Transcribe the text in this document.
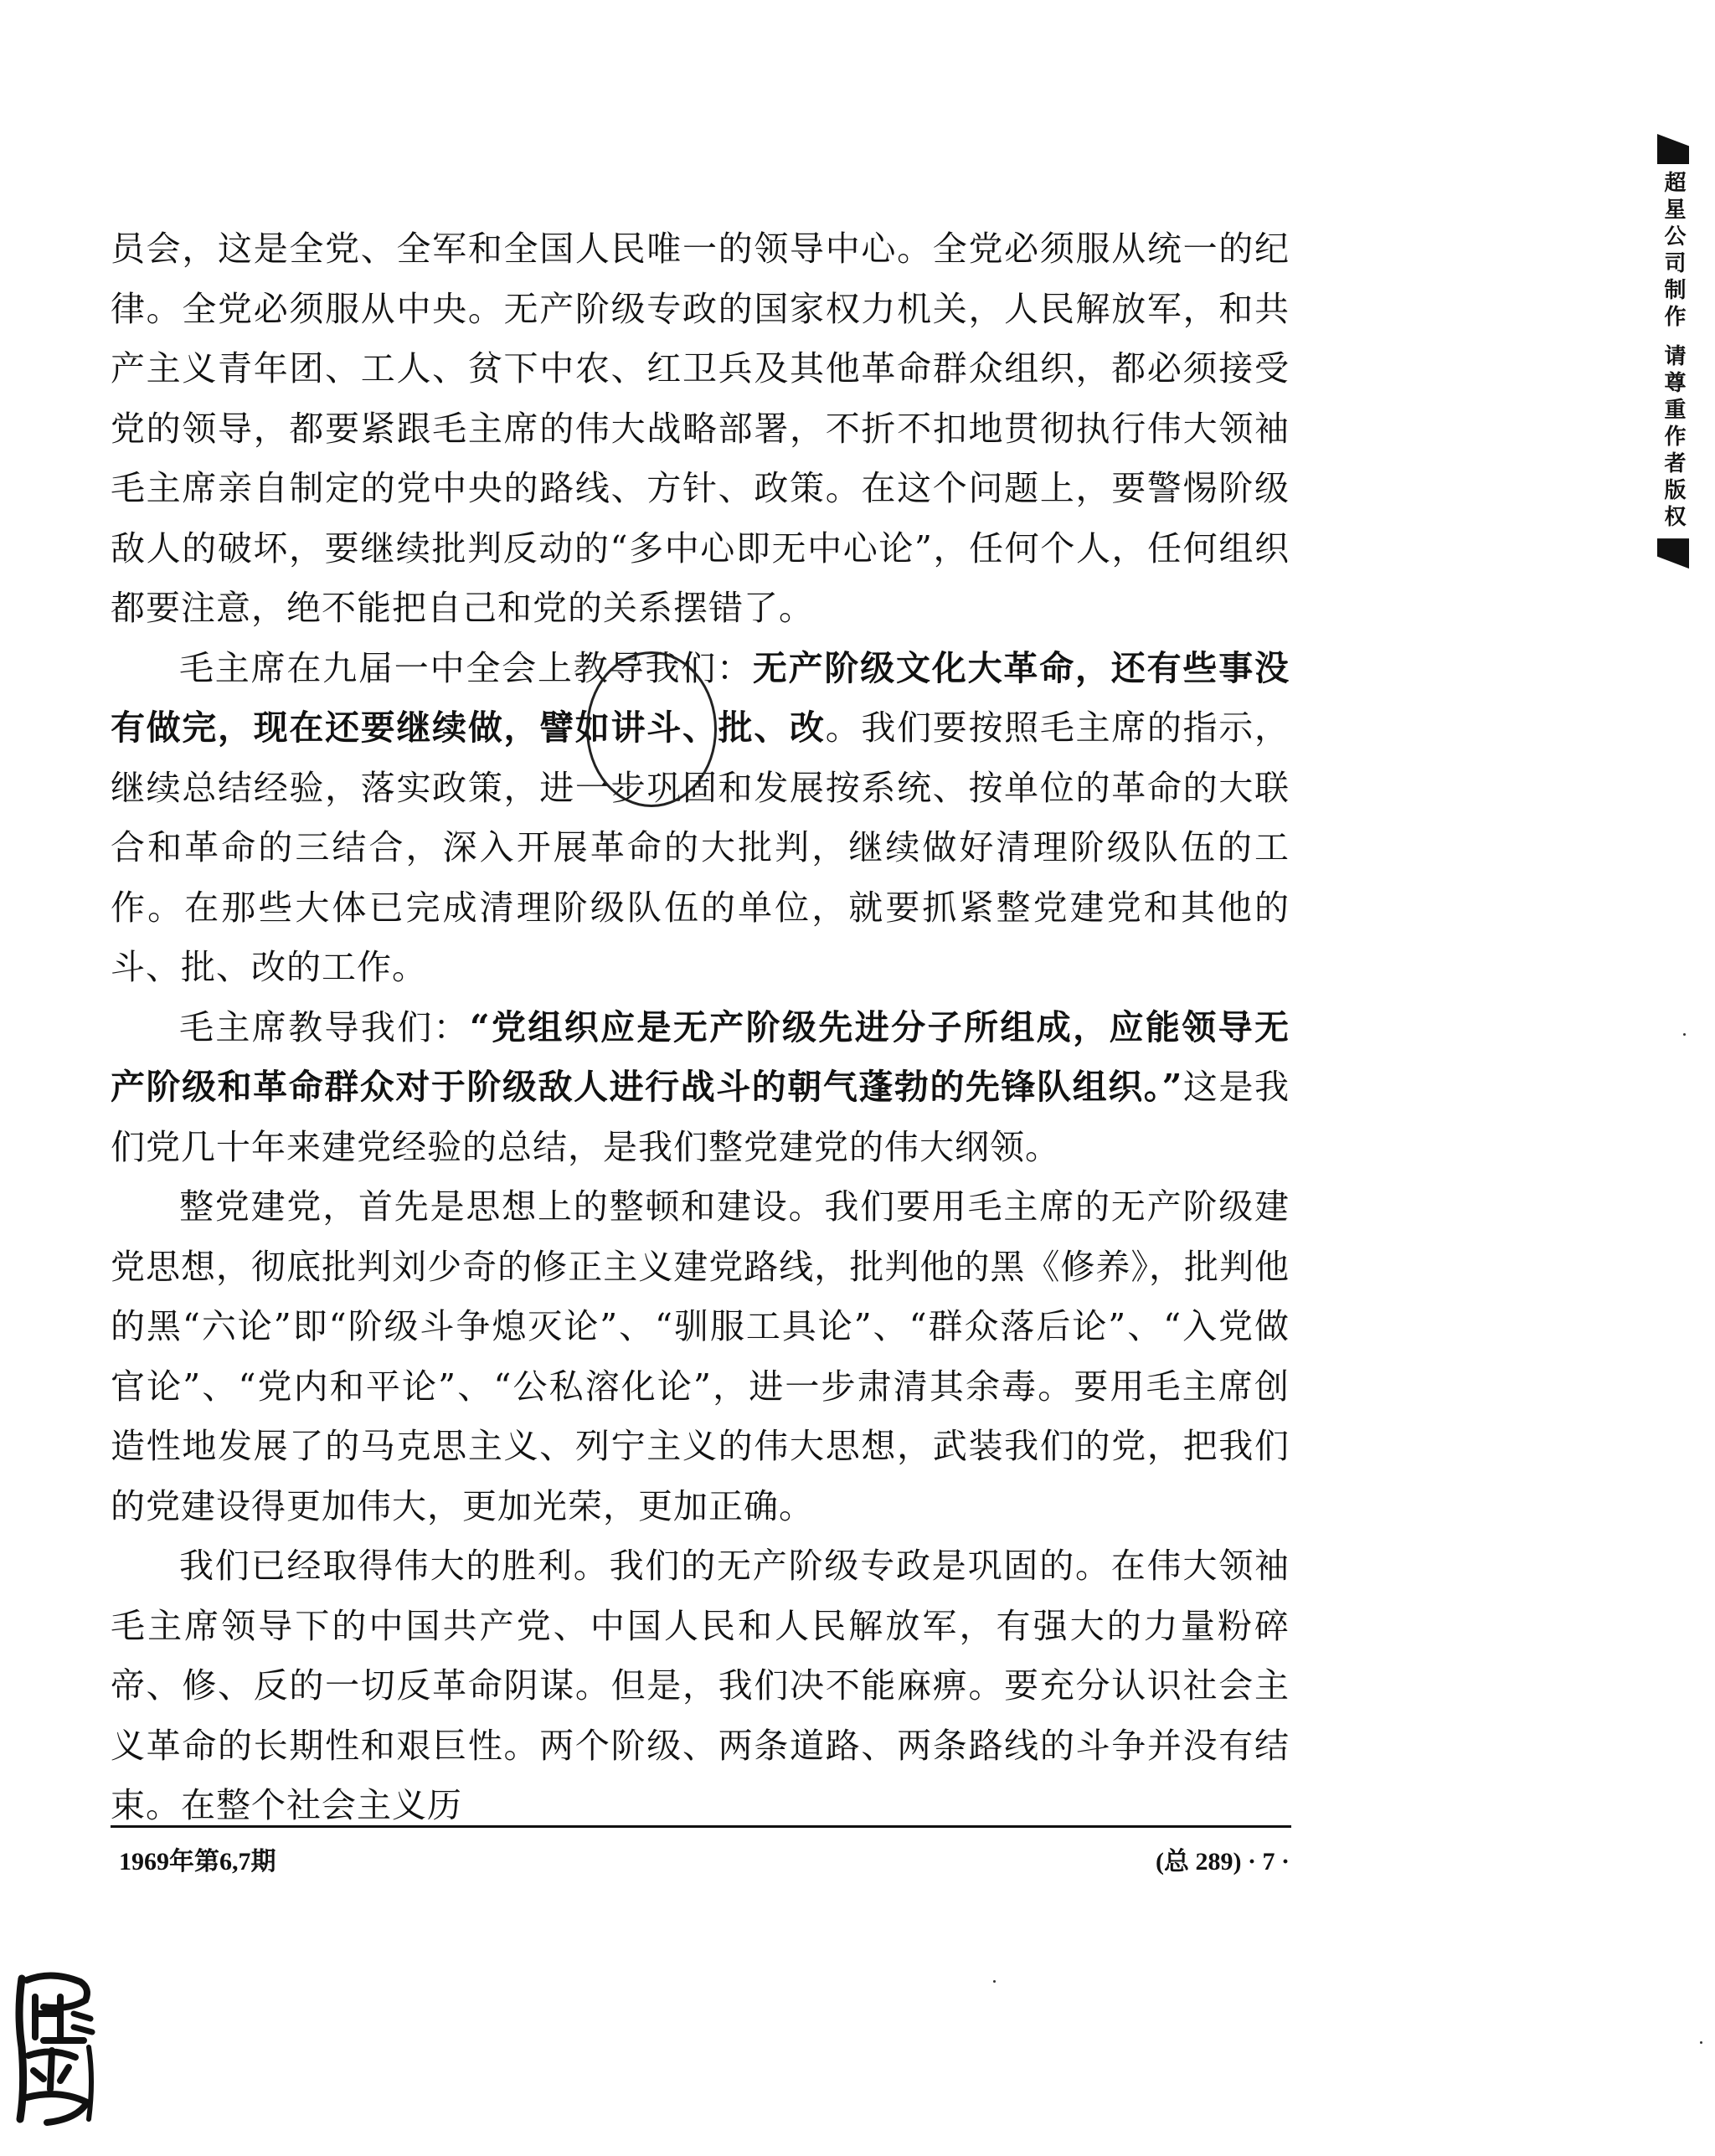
员会，这是全党、全军和全国人民唯一的领导中心。全党必须服从统一的纪律。全党必须服从中央。无产阶级专政的国家权力机关，人民解放军，和共产主义青年团、工人、贫下中农、红卫兵及其他革命群众组织，都必须接受党的领导，都要紧跟毛主席的伟大战略部署，不折不扣地贯彻执行伟大领袖毛主席亲自制定的党中央的路线、方针、政策。在这个问题上，要警惕阶级敌人的破坏，要继续批判反动的“多中心即无中心论”，任何个人，任何组织都要注意，绝不能把自己和党的关系摆错了。

毛主席在九届一中全会上教导我们：无产阶级文化大革命，还有些事没有做完，现在还要继续做，譬如讲斗、批、改。我们要按照毛主席的指示，继续总结经验，落实政策，进一步巩固和发展按系统、按单位的革命的大联合和革命的三结合，深入开展革命的大批判，继续做好清理阶级队伍的工作。在那些大体已完成清理阶级队伍的单位，就要抓紧整党建党和其他的斗、批、改的工作。

毛主席教导我们：“党组织应是无产阶级先进分子所组成，应能领导无产阶级和革命群众对于阶级敌人进行战斗的朝气蓬勃的先锋队组织。”这是我们党几十年来建党经验的总结，是我们整党建党的伟大纲领。

整党建党，首先是思想上的整顿和建设。我们要用毛主席的无产阶级建党思想，彻底批判刘少奇的修正主义建党路线，批判他的黑《修养》，批判他的黑“六论”即“阶级斗争熄灭论”、“驯服工具论”、“群众落后论”、“入党做官论”、“党内和平论”、“公私溶化论”，进一步肃清其余毒。要用毛主席创造性地发展了的马克思主义、列宁主义的伟大思想，武装我们的党，把我们的党建设得更加伟大，更加光荣，更加正确。

我们已经取得伟大的胜利。我们的无产阶级专政是巩固的。在伟大领袖毛主席领导下的中国共产党、中国人民和人民解放军，有强大的力量粉碎帝、修、反的一切反革命阴谋。但是，我们决不能麻痹。要充分认识社会主义革命的长期性和艰巨性。两个阶级、两条道路、两条路线的斗争并没有结束。在整个社会主义历

1969年第6,7期	(总 289) · 7 ·
超星公司制作 请尊重作者版权
